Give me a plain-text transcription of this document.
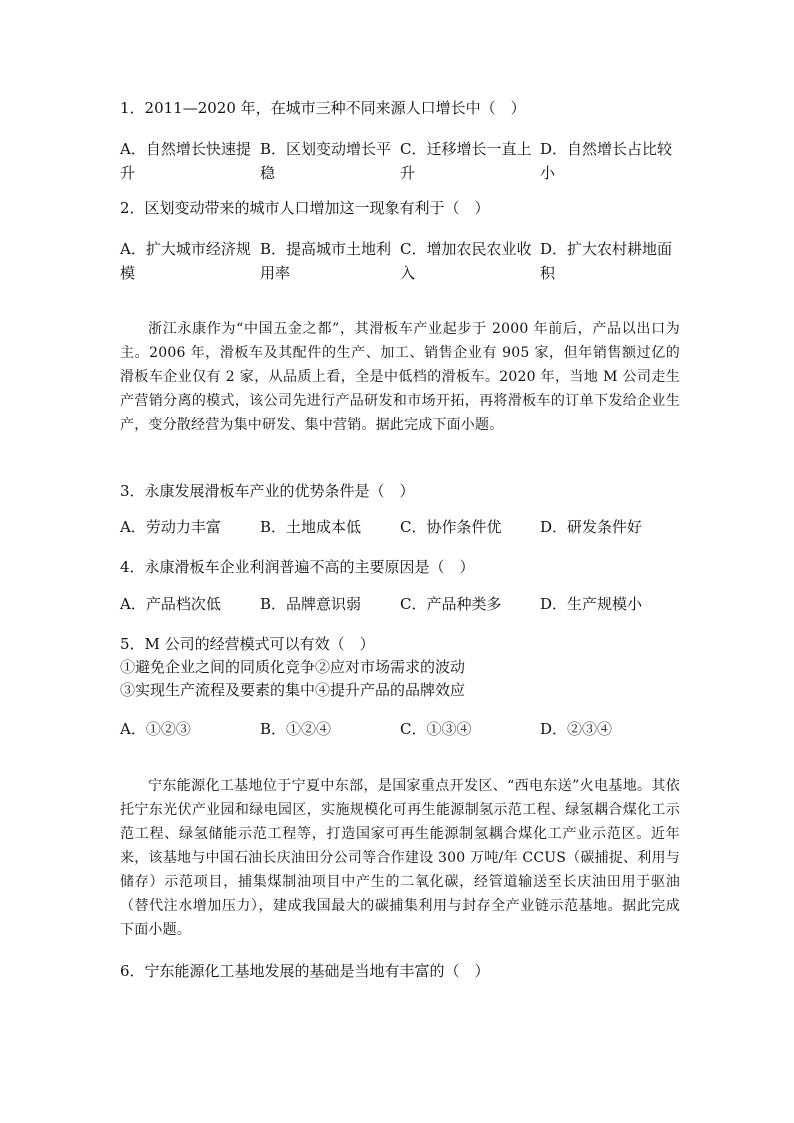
1．2011—2020 年，在城市三种不同来源人口增长中（　）
A．自然增长快速提升
B．区划变动增长平稳
C．迁移增长一直上升
D．自然增长占比较小
2．区划变动带来的城市人口增加这一现象有利于（　）
A．扩大城市经济规模
B．提高城市土地利用率
C．增加农民农业收入
D．扩大农村耕地面积

浙江永康作为“中国五金之都”，其滑板车产业起步于 2000 年前后，产品以出口为主。2006 年，滑板车及其配件的生产、加工、销售企业有 905 家，但年销售额过亿的滑板车企业仅有 2 家，从品质上看，全是中低档的滑板车。2020 年，当地 M 公司走生产营销分离的模式，该公司先进行产品研发和市场开拓，再将滑板车的订单下发给企业生产，变分散经营为集中研发、集中营销。据此完成下面小题。

3．永康发展滑板车产业的优势条件是（　）
A．劳动力丰富	B．土地成本低	C．协作条件优	D．研发条件好
4．永康滑板车企业利润普遍不高的主要原因是（　）
A．产品档次低	B．品牌意识弱	C．产品种类多	D．生产规模小
5．M 公司的经营模式可以有效（　）
①避免企业之间的同质化竞争②应对市场需求的波动
③实现生产流程及要素的集中④提升产品的品牌效应
A．①②③	B．①②④	C．①③④	D．②③④

宁东能源化工基地位于宁夏中东部，是国家重点开发区、“西电东送”火电基地。其依托宁东光伏产业园和绿电园区，实施规模化可再生能源制氢示范工程、绿氢耦合煤化工示范工程、绿氢储能示范工程等，打造国家可再生能源制氢耦合煤化工产业示范区。近年来，该基地与中国石油长庆油田分公司等合作建设 300 万吨/年 CCUS（碳捕捉、利用与储存）示范项目，捕集煤制油项目中产生的二氧化碳，经管道输送至长庆油田用于驱油（替代注水增加压力），建成我国最大的碳捕集利用与封存全产业链示范基地。据此完成下面小题。

6．宁东能源化工基地发展的基础是当地有丰富的（　）
